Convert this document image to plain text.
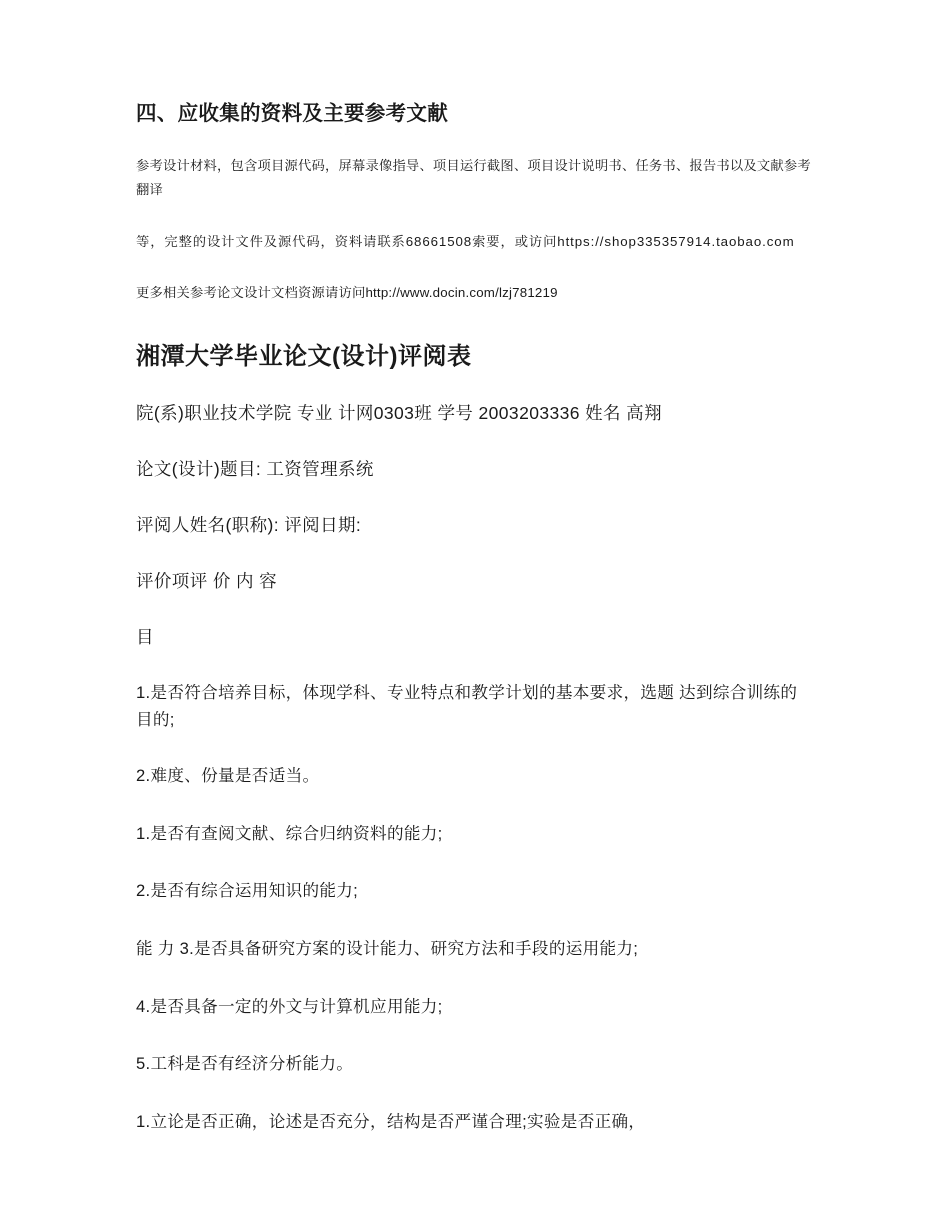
四、应收集的资料及主要参考文献

参考设计材料，包含项目源代码，屏幕录像指导、项目运行截图、项目设计说明书、任务书、报告书以及文献参考翻译

等，完整的设计文件及源代码，资料请联系68661508索要，或访问https://shop335357914.taobao.com

更多相关参考论文设计文档资源请访问http://www.docin.com/lzj781219

湘潭大学毕业论文(设计)评阅表

院(系)职业技术学院 专业 计网0303班 学号 2003203336 姓名 高翔

论文(设计)题目: 工资管理系统

评阅人姓名(职称): 评阅日期:

评价项评 价 内 容

目

1.是否符合培养目标，体现学科、专业特点和教学计划的基本要求，选题 达到综合训练的目的;

2.难度、份量是否适当。

1.是否有查阅文献、综合归纳资料的能力;

2.是否有综合运用知识的能力;

能 力 3.是否具备研究方案的设计能力、研究方法和手段的运用能力;

4.是否具备一定的外文与计算机应用能力;

5.工科是否有经济分析能力。

1.立论是否正确，论述是否充分，结构是否严谨合理;实验是否正确，
